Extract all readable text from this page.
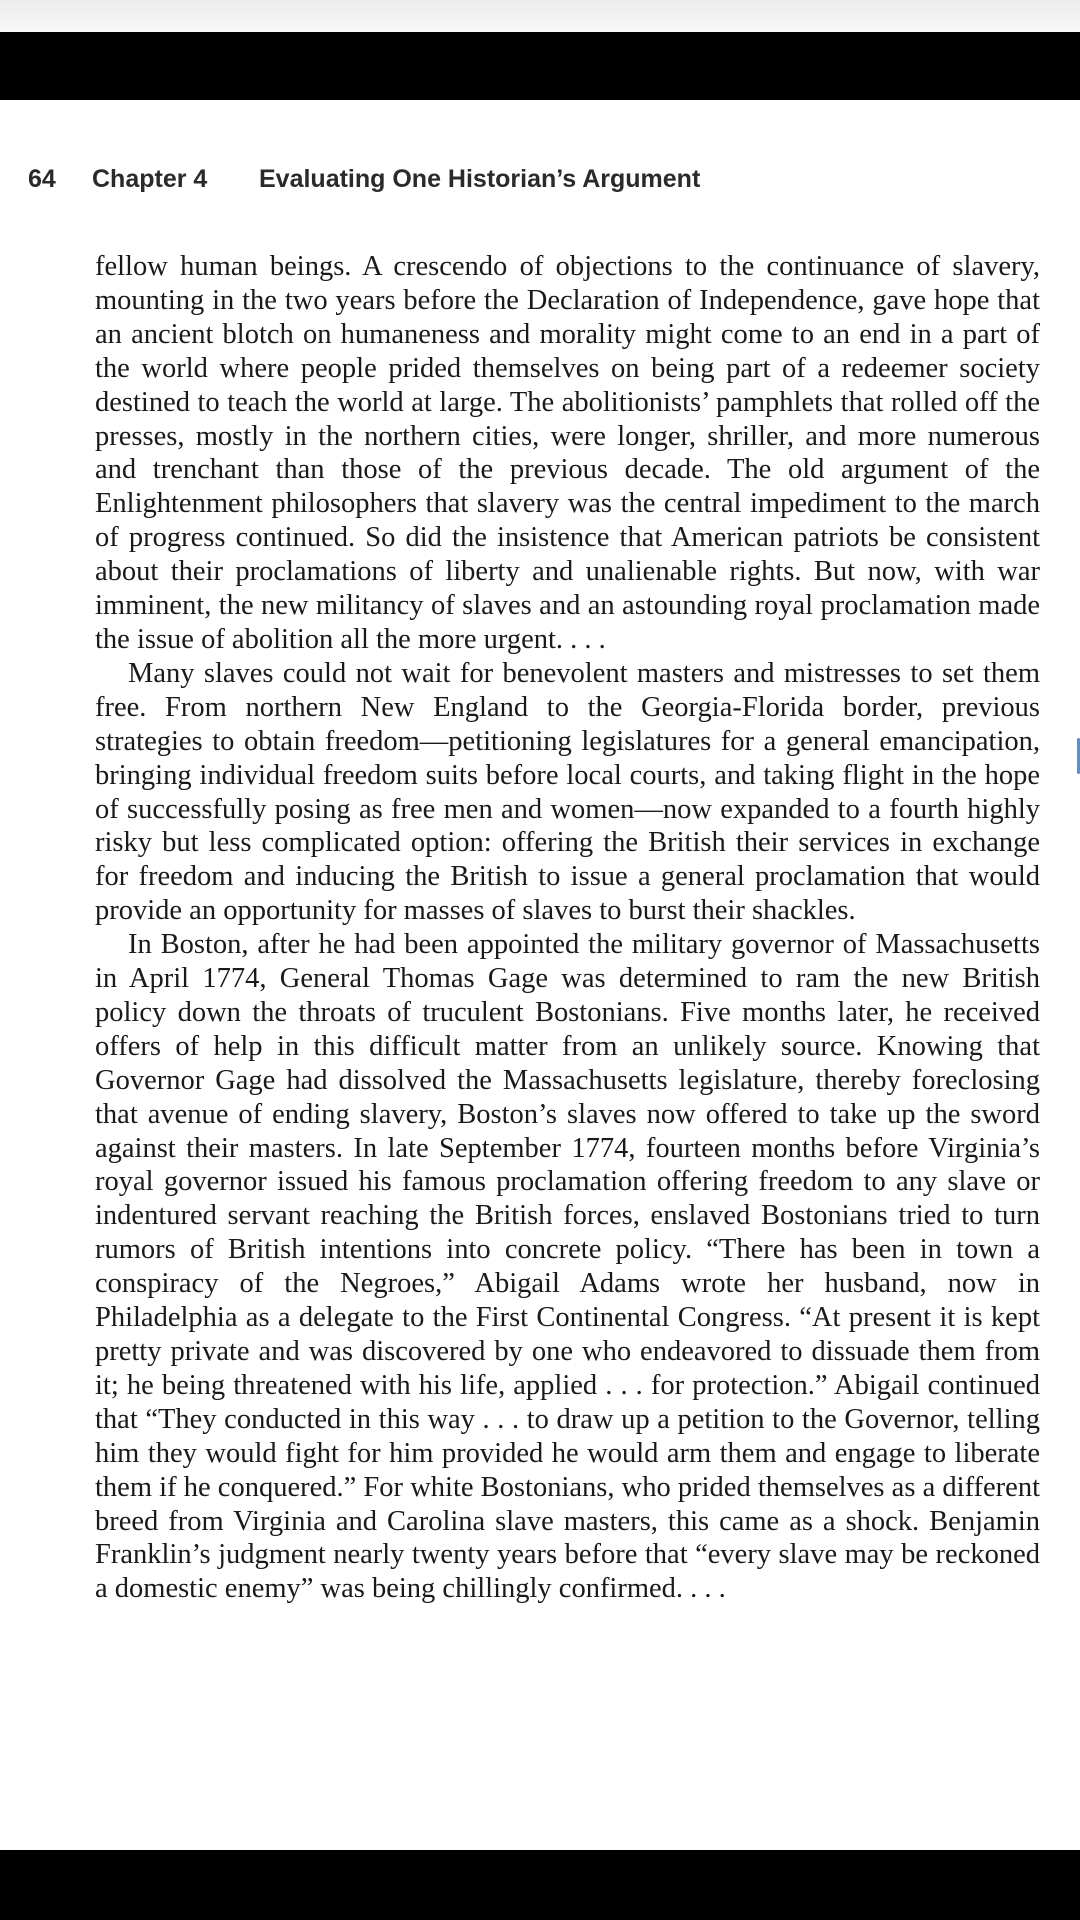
64 Chapter 4 Evaluating One Historian’s Argument

fellow human beings. A crescendo of objections to the continuance of slavery, mounting in the two years before the Declaration of Independence, gave hope that an ancient blotch on humaneness and morality might come to an end in a part of the world where people prided themselves on being part of a redeemer society destined to teach the world at large. The abolitionists’ pamphlets that rolled off the presses, mostly in the northern cities, were longer, shriller, and more numerous and trenchant than those of the previous decade. The old argument of the Enlightenment philosophers that slavery was the central impediment to the march of progress continued. So did the insistence that American patriots be consistent about their proclamations of liberty and unalienable rights. But now, with war imminent, the new militancy of slaves and an astounding royal proclamation made the issue of abolition all the more urgent. . . .

Many slaves could not wait for benevolent masters and mistresses to set them free. From northern New England to the Georgia-Florida border, previous strategies to obtain freedom—petitioning legislatures for a general emancipation, bringing individual freedom suits before local courts, and taking flight in the hope of successfully posing as free men and women—now expanded to a fourth highly risky but less complicated option: offering the British their services in exchange for freedom and inducing the British to issue a general proclamation that would provide an opportunity for masses of slaves to burst their shackles.

In Boston, after he had been appointed the military governor of Massachusetts in April 1774, General Thomas Gage was determined to ram the new British policy down the throats of truculent Bostonians. Five months later, he received offers of help in this difficult matter from an unlikely source. Knowing that Governor Gage had dissolved the Massachusetts legislature, thereby foreclosing that avenue of ending slavery, Boston’s slaves now offered to take up the sword against their masters. In late September 1774, fourteen months before Virginia’s royal governor issued his famous proclamation offering freedom to any slave or indentured servant reaching the British forces, enslaved Bostonians tried to turn rumors of British intentions into concrete policy. “There has been in town a conspiracy of the Negroes,” Abigail Adams wrote her husband, now in Philadelphia as a delegate to the First Continental Congress. “At present it is kept pretty private and was discovered by one who endeavored to dissuade them from it; he being threatened with his life, applied . . . for protection.” Abigail continued that “They conducted in this way . . . to draw up a petition to the Governor, telling him they would fight for him provided he would arm them and engage to liberate them if he conquered.” For white Bostonians, who prided themselves as a different breed from Virginia and Carolina slave masters, this came as a shock. Benjamin Franklin’s judgment nearly twenty years before that “every slave may be reckoned a domestic enemy” was being chillingly confirmed. . . .
